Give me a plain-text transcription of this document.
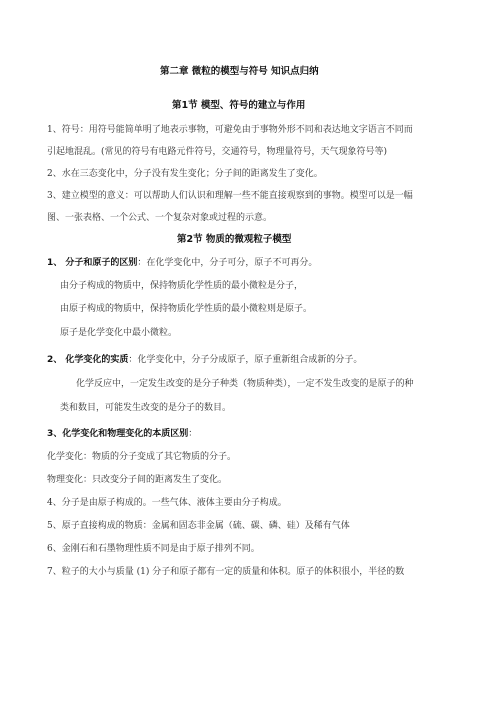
第二章 微粒的模型与符号 知识点归纳
第1节 模型、符号的建立与作用
1、符号：用符号能简单明了地表示事物，可避免由于事物外形不同和表达地文字语言不同而
引起地混乱。(常见的符号有电路元件符号，交通符号，物理量符号，天气现象符号等)
2、水在三态变化中，分子没有发生变化；分子间的距离发生了变化。
3、建立模型的意义：可以帮助人们认识和理解一些不能直接观察到的事物。模型可以是一幅
图、一张表格、一个公式、一个复杂对象或过程的示意。
第2节 物质的微观粒子模型
1、 分子和原子的区别：在化学变化中，分子可分，原子不可再分。
由分子构成的物质中，保持物质化学性质的最小微粒是分子，
由原子构成的物质中，保持物质化学性质的最小微粒则是原子。
原子是化学变化中最小微粒。
2、 化学变化的实质：化学变化中，分子分成原子，原子重新组合成新的分子。
化学反应中，一定发生改变的是分子种类（物质种类），一定不发生改变的是原子的种
类和数目，可能发生改变的是分子的数目。
3、化学变化和物理变化的本质区别：
化学变化：物质的分子变成了其它物质的分子。
物理变化：只改变分子间的距离发生了变化。
4、分子是由原子构成的。一些气体、液体主要由分子构成。
5、原子直接构成的物质：金属和固态非金属（硫、碳、磷、硅）及稀有气体
6、金刚石和石墨物理性质不同是由于原子排列不同。
7、粒子的大小与质量 (1) 分子和原子都有一定的质量和体积。原子的体积很小，半径的数
